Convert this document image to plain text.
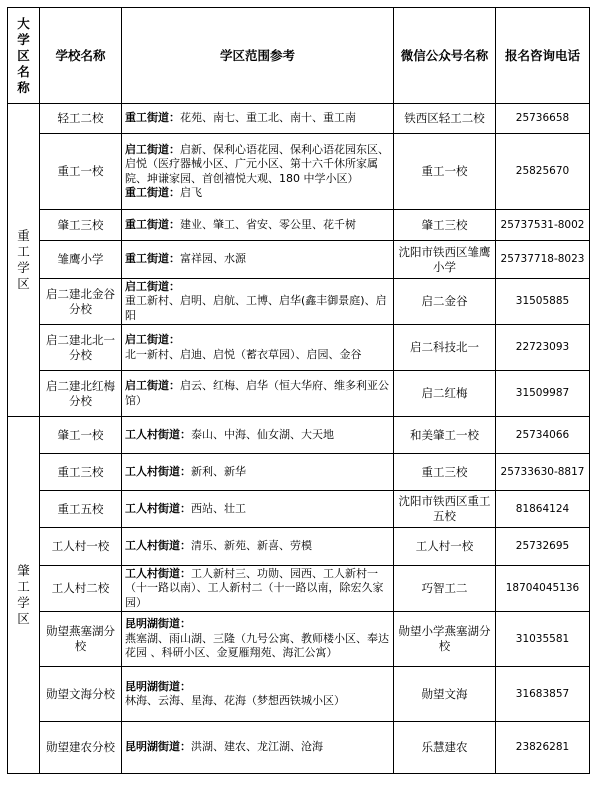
大学区名称	学校名称	学区范围参考	微信公众号名称	报名咨询电话
重工学区	轻工二校	重工街道：花苑、南七、重工北、南十、重工南	铁西区轻工二校	25736658
	重工一校	启工街道：启新、保利心语花园、保利心语花园东区、启悦（医疗器械小区、广元小区、第十六千休所家属院、坤谦家园、首创禧悦大观、180 中学小区）
重工街道：启飞	重工一校	25825670
	肇工三校	重工街道：建业、肇工、省安、零公里、花千树	肇工三校	25737531-8002
	雏鹰小学	重工街道：富祥园、水源	沈阳市铁西区雏鹰小学	25737718-8023
	启二建北金谷分校	启工街道：
重工新村、启明、启航、工博、启华(鑫丰御景庭)、启阳	启二金谷	31505885
	启二建北北一分校	启工街道：
北一新村、启迪、启悦（蓄衣草园）、启园、金谷	启二科技北一	22723093
	启二建北红梅分校	启工街道：启云、红梅、启华（恒大华府、维多利亚公馆）	启二红梅	31509987
肇工学区	肇工一校	工人村街道：泰山、中海、仙女湖、大天地	和美肇工一校	25734066
	重工三校	工人村街道：新利、新华	重工三校	25733630-8817
	重工五校	工人村街道：西站、壮工	沈阳市铁西区重工五校	81864124
	工人村一校	工人村街道：清乐、新苑、新喜、劳模	工人村一校	25732695
	工人村二校	工人村街道：工人新村三、功勋、园西、工人新村一（十一路以南）、工人新村二（十一路以南，除宏久家园）	巧智工二	18704045136
	勋望燕塞湖分校	昆明湖街道：
燕塞湖、雨山湖、三隆（九号公寓、教师楼小区、奉达花园 、科研小区、金夏雁翔苑、海汇公寓）	勋望小学燕塞湖分校	31035581
	勋望文海分校	昆明湖街道：
林海、云海、星海、花海（梦想西铁城小区）	勋望文海	31683857
	勋望建农分校	昆明湖街道：洪湖、建农、龙江湖、沧海	乐慧建农	23826281
